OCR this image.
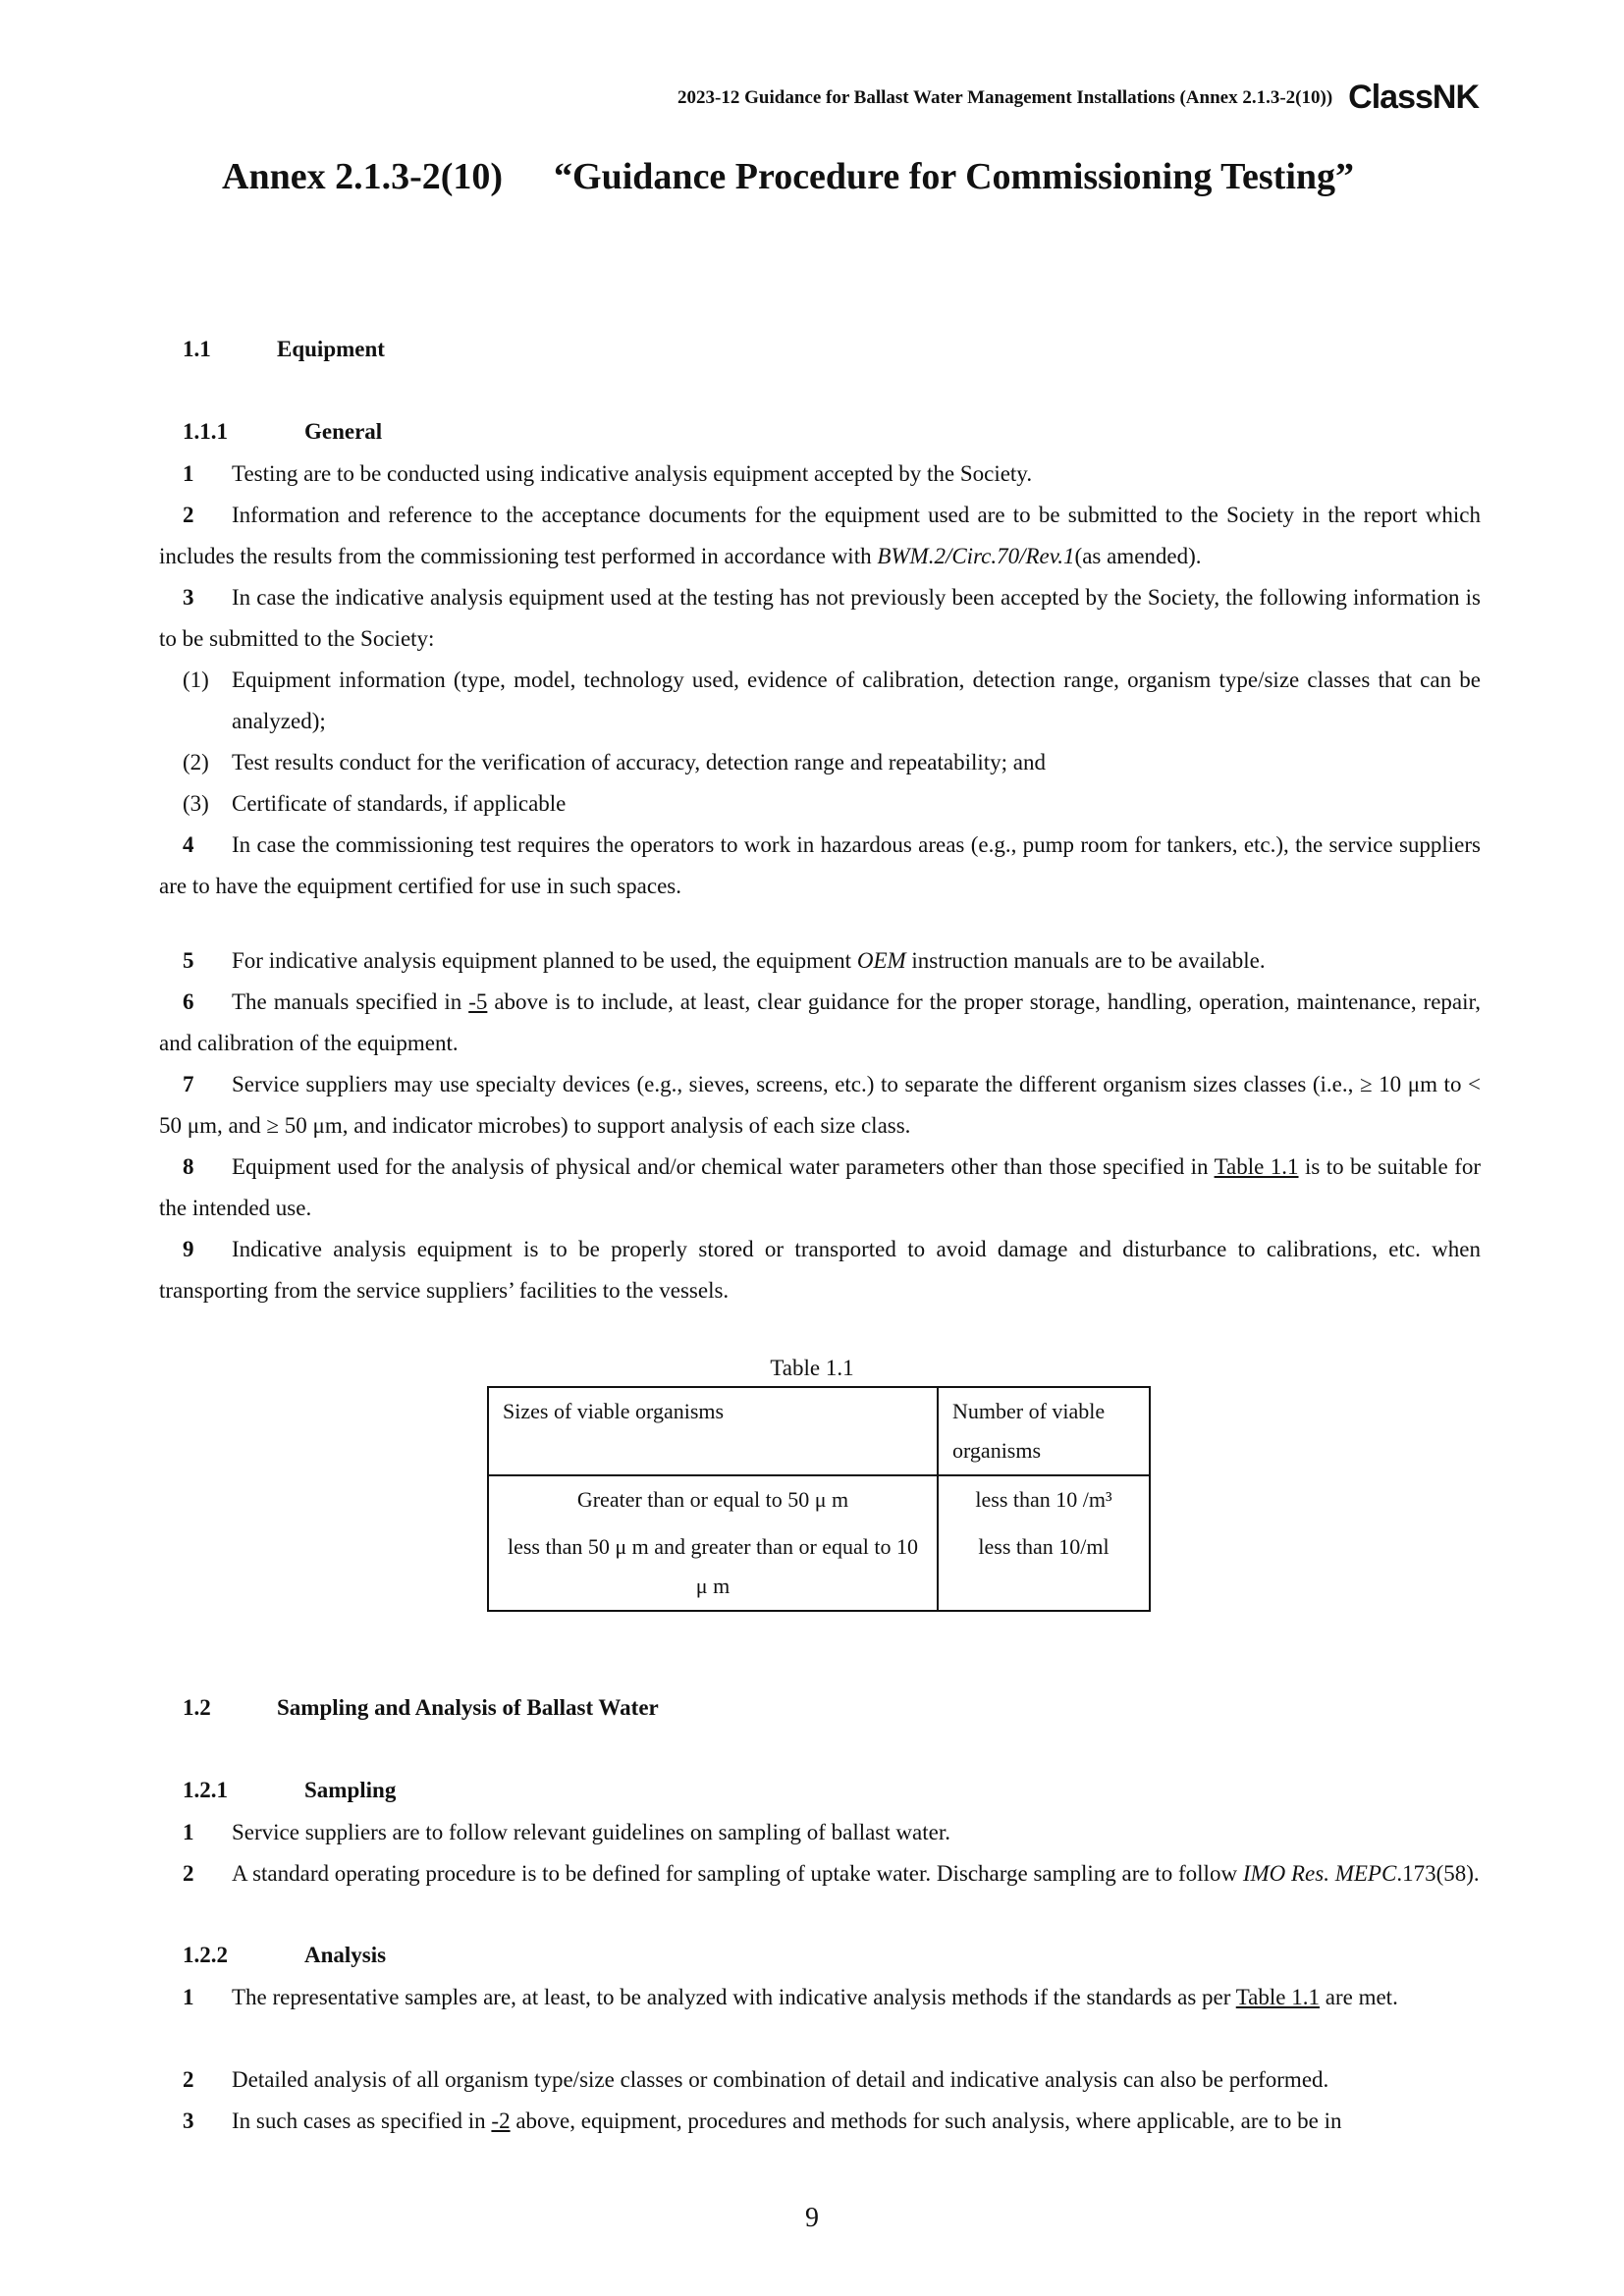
2023-12 Guidance for Ballast Water Management Installations (Annex 2.1.3-2(10)) ClassNK
Annex 2.1.3-2(10) “Guidance Procedure for Commissioning Testing”
1.1	Equipment
1.1.1	General
1 Testing are to be conducted using indicative analysis equipment accepted by the Society.
2 Information and reference to the acceptance documents for the equipment used are to be submitted to the Society in the report which includes the results from the commissioning test performed in accordance with BWM.2/Circ.70/Rev.1(as amended).
3 In case the indicative analysis equipment used at the testing has not previously been accepted by the Society, the following information is to be submitted to the Society:
(1)	Equipment information (type, model, technology used, evidence of calibration, detection range, organism type/size classes that can be analyzed);
(2)	Test results conduct for the verification of accuracy, detection range and repeatability; and
(3)	Certificate of standards, if applicable
4 In case the commissioning test requires the operators to work in hazardous areas (e.g., pump room for tankers, etc.), the service suppliers are to have the equipment certified for use in such spaces.
5 For indicative analysis equipment planned to be used, the equipment OEM instruction manuals are to be available.
6 The manuals specified in -5 above is to include, at least, clear guidance for the proper storage, handling, operation, maintenance, repair, and calibration of the equipment.
7 Service suppliers may use specialty devices (e.g., sieves, screens, etc.) to separate the different organism sizes classes (i.e., ≥ 10 μm to < 50 μm, and ≥ 50 μm, and indicator microbes) to support analysis of each size class.
8 Equipment used for the analysis of physical and/or chemical water parameters other than those specified in Table 1.1 is to be suitable for the intended use.
9 Indicative analysis equipment is to be properly stored or transported to avoid damage and disturbance to calibrations, etc. when transporting from the service suppliers’ facilities to the vessels.
Table 1.1
Sizes of viable organisms	Number of viable organisms
Greater than or equal to 50 μ m	less than 10 /m³
less than 50 μ m and greater than or equal to 10 μ m	less than 10/ml
1.2	Sampling and Analysis of Ballast Water
1.2.1	Sampling
1 Service suppliers are to follow relevant guidelines on sampling of ballast water.
2 A standard operating procedure is to be defined for sampling of uptake water. Discharge sampling are to follow IMO Res. MEPC.173(58).
1.2.2	Analysis
1 The representative samples are, at least, to be analyzed with indicative analysis methods if the standards as per Table 1.1 are met.
2 Detailed analysis of all organism type/size classes or combination of detail and indicative analysis can also be performed.
3 In such cases as specified in -2 above, equipment, procedures and methods for such analysis, where applicable, are to be in
9
